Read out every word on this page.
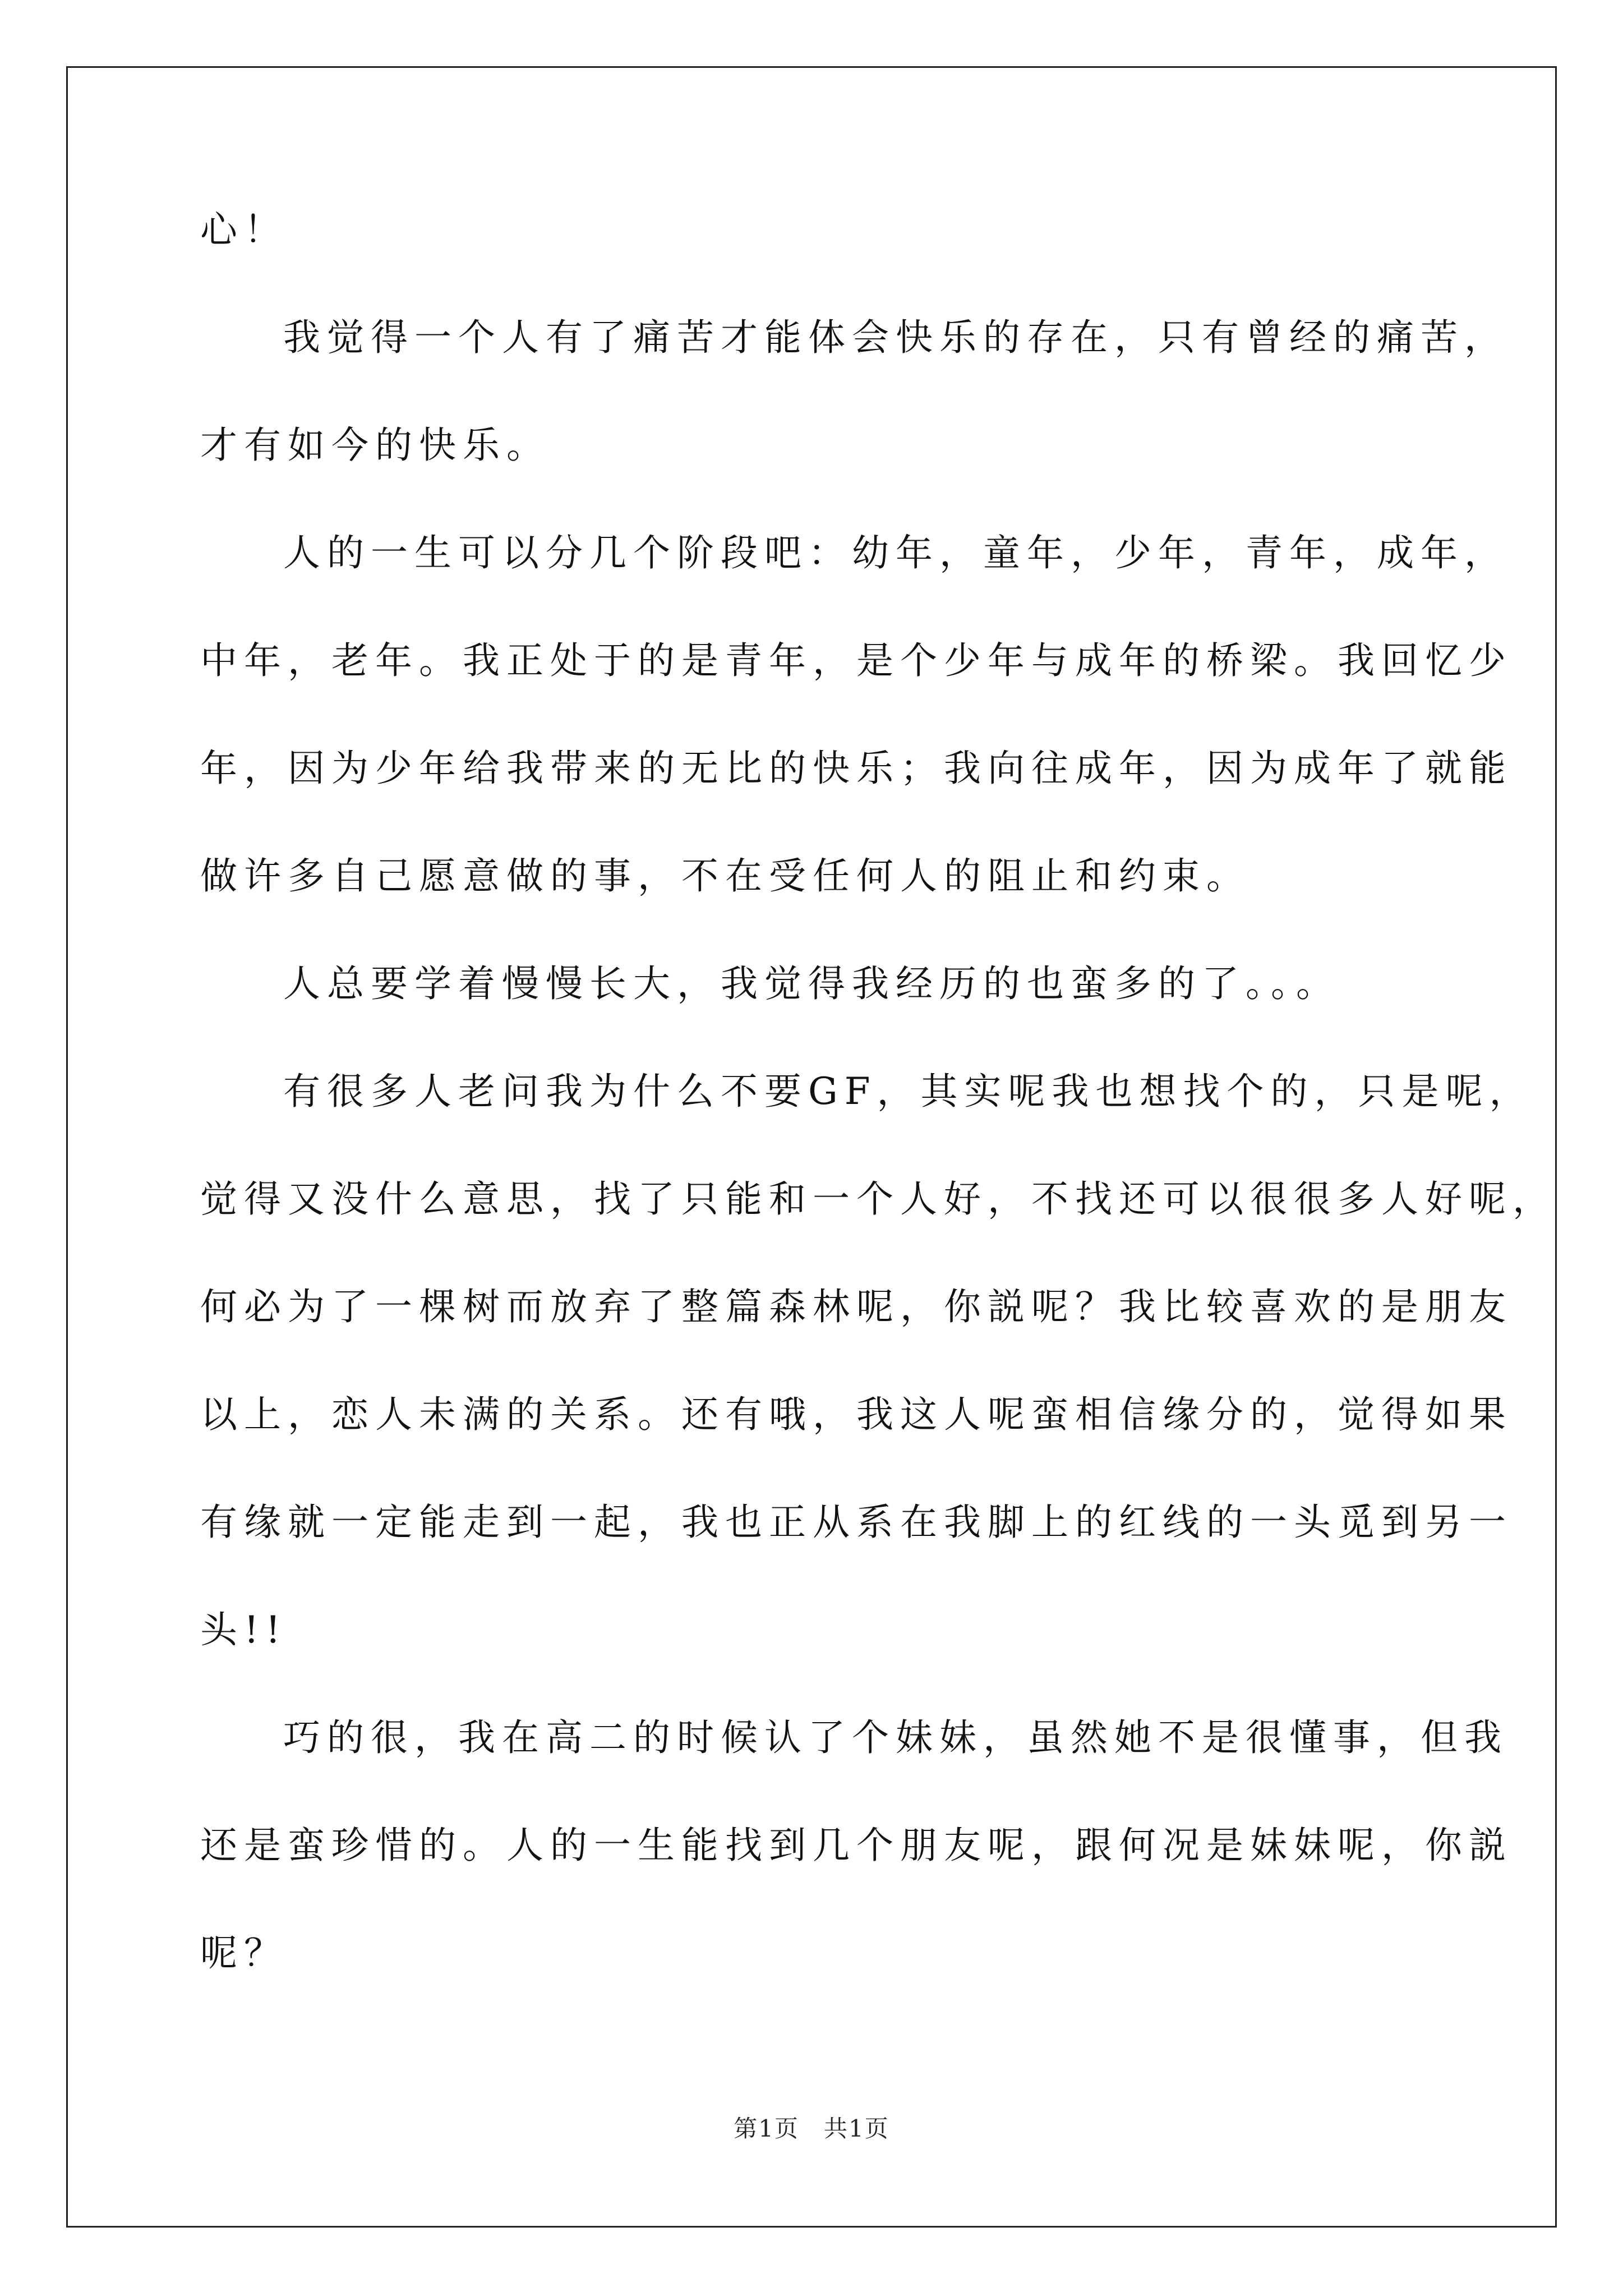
心！
我觉得一个人有了痛苦才能体会快乐的存在，只有曾经的痛苦，
才有如今的快乐。
人的一生可以分几个阶段吧：幼年，童年，少年，青年，成年，
中年，老年。我正处于的是青年，是个少年与成年的桥梁。我回忆少
年，因为少年给我带来的无比的快乐；我向往成年，因为成年了就能
做许多自己愿意做的事，不在受任何人的阻止和约束。
人总要学着慢慢长大，我觉得我经历的也蛮多的了。。。
有很多人老问我为什么不要GF，其实呢我也想找个的，只是呢，
觉得又没什么意思，找了只能和一个人好，不找还可以很很多人好呢，
何必为了一棵树而放弃了整篇森林呢，你説呢？我比较喜欢的是朋友
以上，恋人未满的关系。还有哦，我这人呢蛮相信缘分的，觉得如果
有缘就一定能走到一起，我也正从系在我脚上的红线的一头觅到另一
头!!
巧的很，我在高二的时候认了个妹妹，虽然她不是很懂事，但我
还是蛮珍惜的。人的一生能找到几个朋友呢，跟何况是妹妹呢，你説
呢？
第1页　共1页
